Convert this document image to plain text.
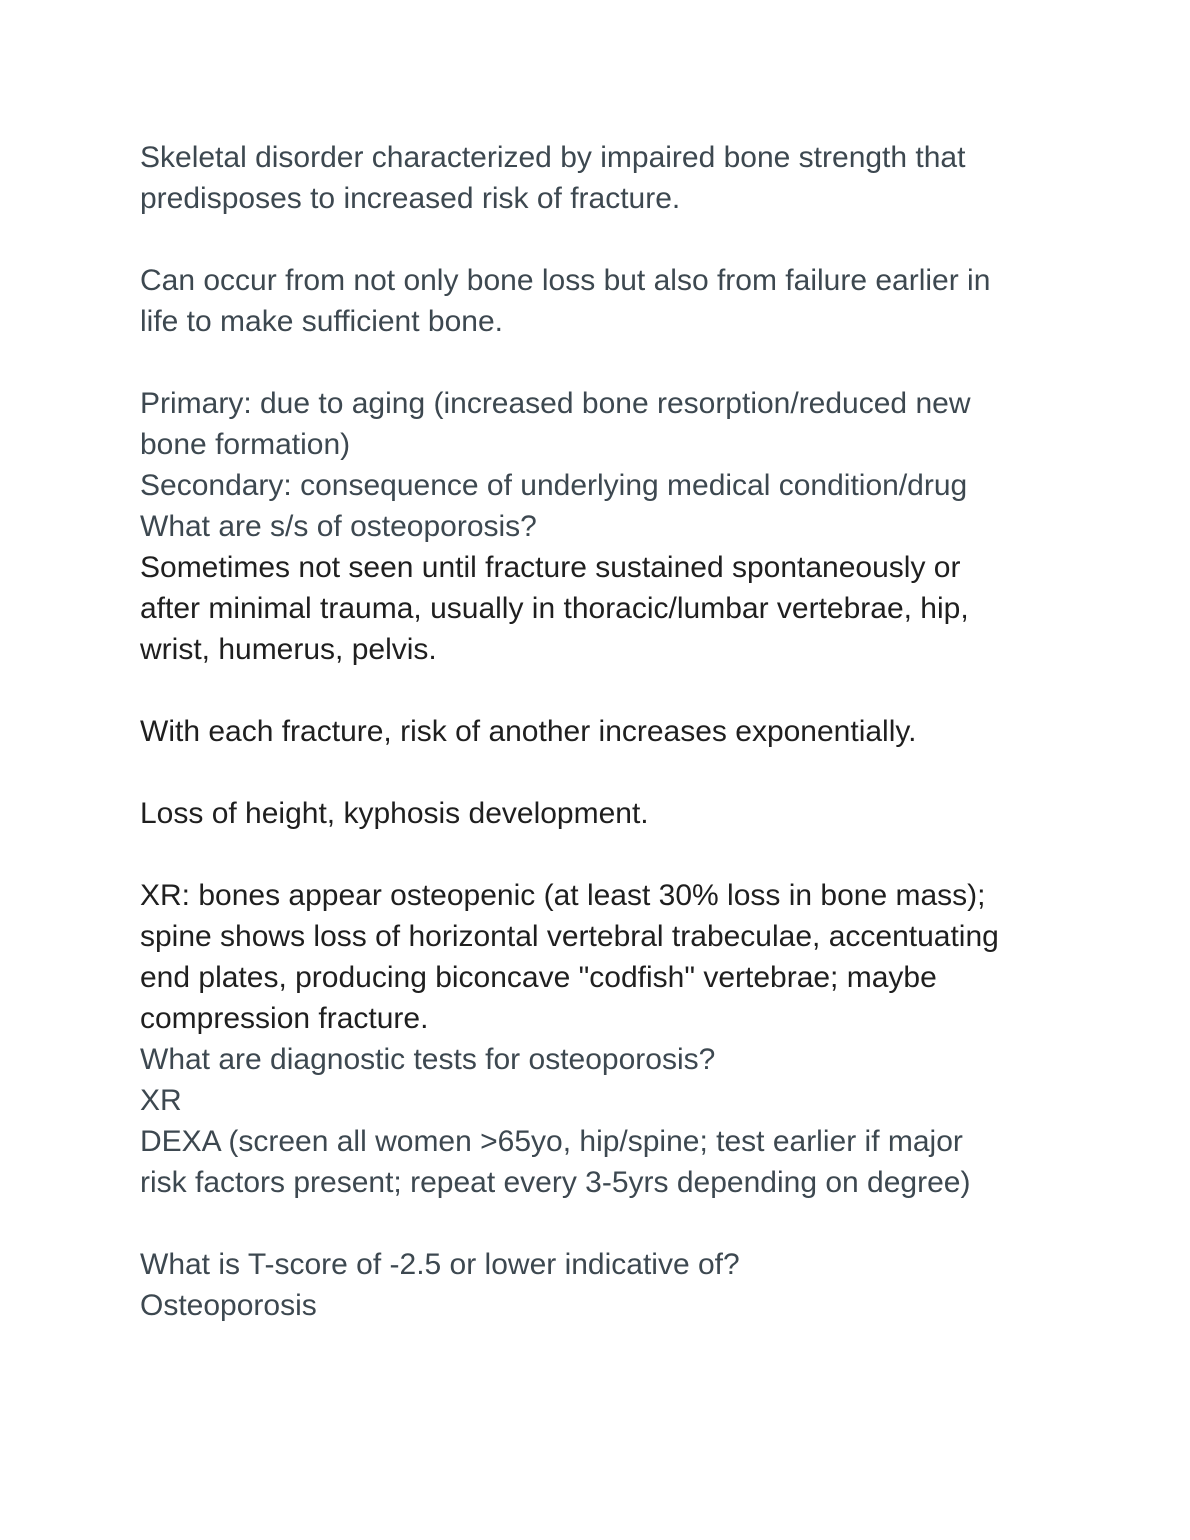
Skeletal disorder characterized by impaired bone strength that
predisposes to increased risk of fracture.
Can occur from not only bone loss but also from failure earlier in
life to make sufficient bone.
Primary: due to aging (increased bone resorption/reduced new
bone formation)
Secondary: consequence of underlying medical condition/drug
What are s/s of osteoporosis?
Sometimes not seen until fracture sustained spontaneously or
after minimal trauma, usually in thoracic/lumbar vertebrae, hip,
wrist, humerus, pelvis.
With each fracture, risk of another increases exponentially.
Loss of height, kyphosis development.
XR: bones appear osteopenic (at least 30% loss in bone mass);
spine shows loss of horizontal vertebral trabeculae, accentuating
end plates, producing biconcave "codfish" vertebrae; maybe
compression fracture.
What are diagnostic tests for osteoporosis?
XR
DEXA (screen all women >65yo, hip/spine; test earlier if major
risk factors present; repeat every 3-5yrs depending on degree)
What is T-score of -2.5 or lower indicative of?
Osteoporosis
